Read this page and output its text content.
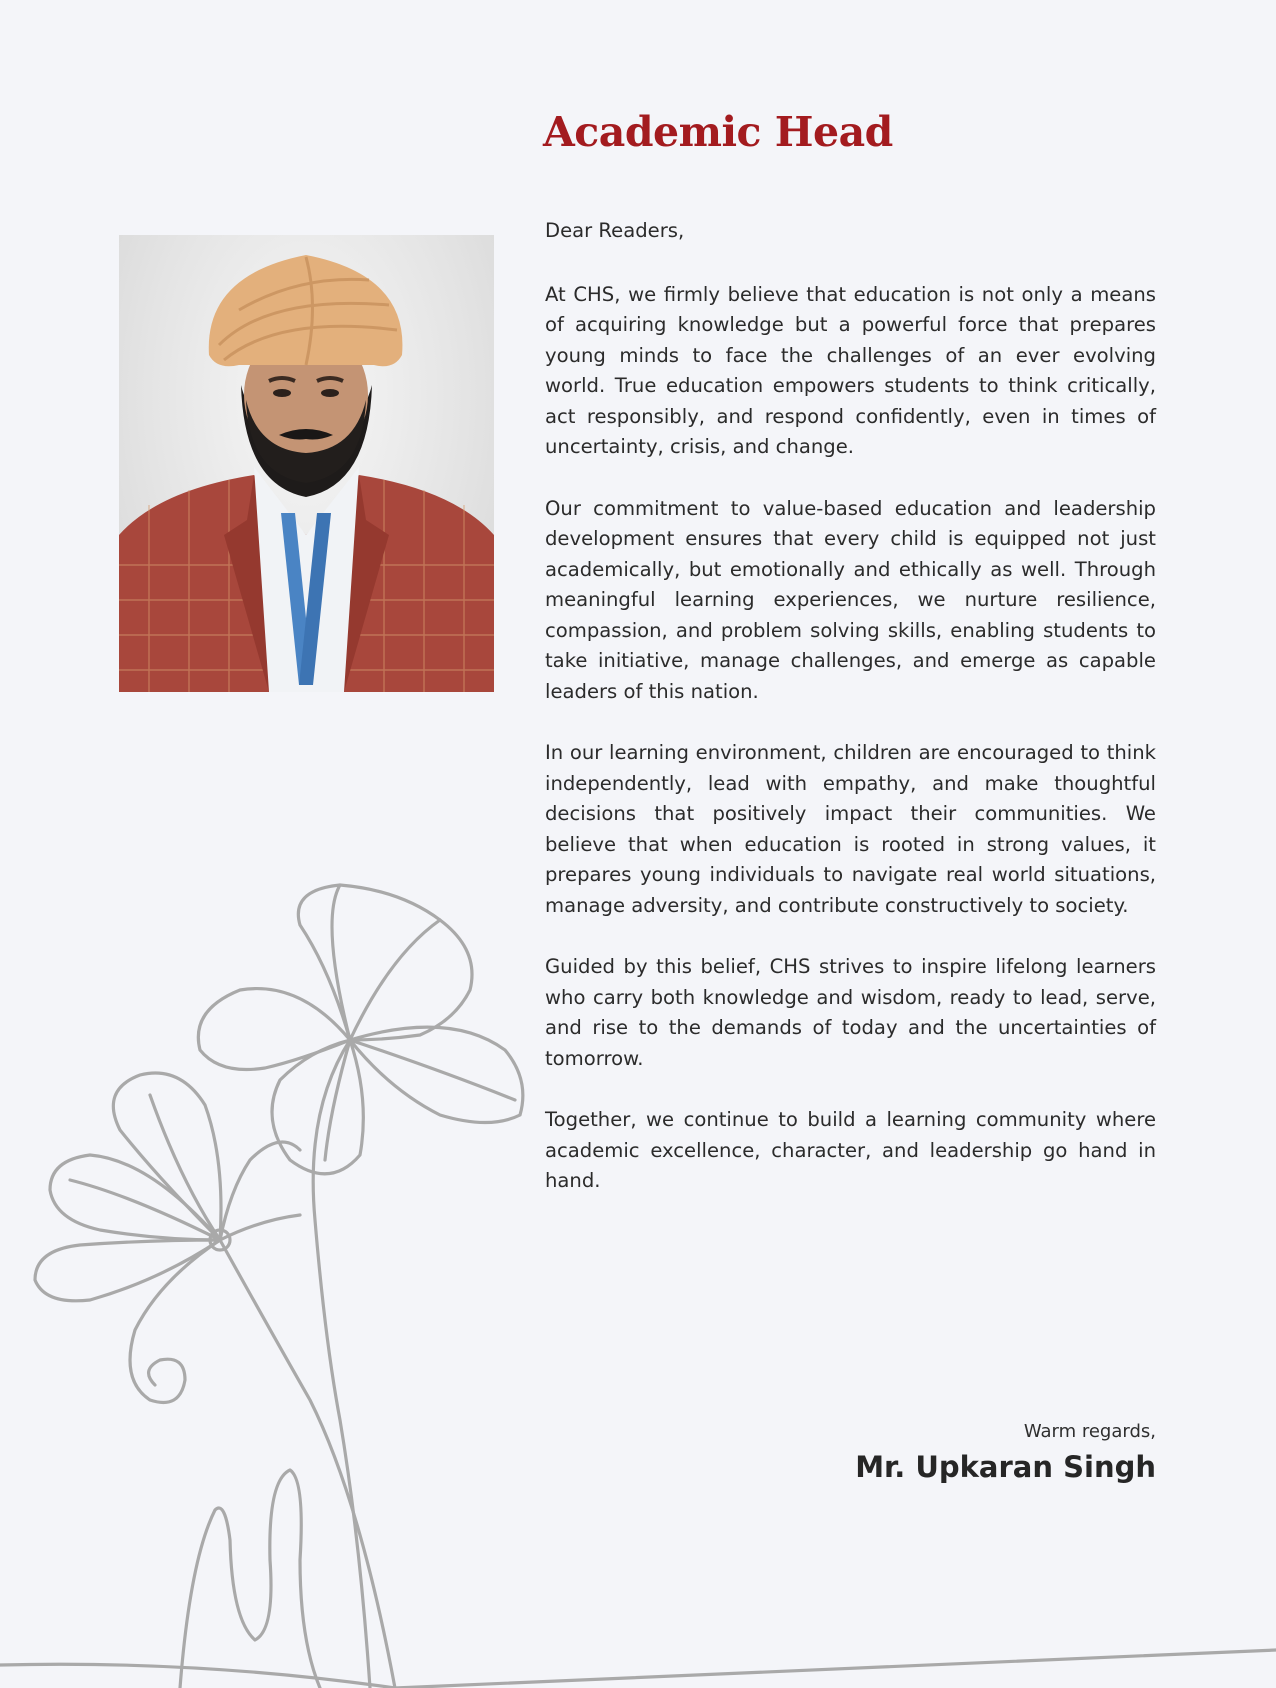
Academic Head

Dear Readers,

At CHS, we firmly believe that education is not only a means of acquiring knowledge but a powerful force that prepares young minds to face the challenges of an ever evolving world. True education empowers students to think critically, act responsibly, and respond confidently, even in times of uncertainty, crisis, and change.

Our commitment to value-based education and leadership development ensures that every child is equipped not just academically, but emotionally and ethically as well. Through meaningful learning experiences, we nurture resilience, compassion, and problem solving skills, enabling students to take initiative, manage challenges, and emerge as capable leaders of this nation.

In our learning environment, children are encouraged to think independently, lead with empathy, and make thoughtful decisions that positively impact their communities. We believe that when education is rooted in strong values, it prepares young individuals to navigate real world situations, manage adversity, and contribute constructively to society.

Guided by this belief, CHS strives to inspire lifelong learners who carry both knowledge and wisdom, ready to lead, serve, and rise to the demands of today and the uncertainties of tomorrow.

Together, we continue to build a learning community where academic excellence, character, and leadership go hand in hand.

Warm regards,
Mr. Upkaran Singh
